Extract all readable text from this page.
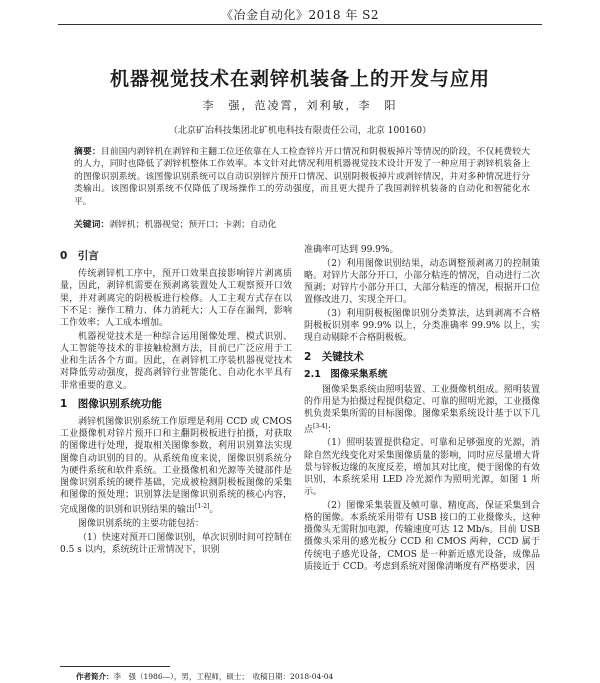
《冶金自动化》2018 年 S2
机器视觉技术在剥锌机装备上的开发与应用
李　强，范凌霄，刘利敏，李　阳
（北京矿冶科技集团北矿机电科技有限责任公司，北京 100160）
摘要：目前国内剥锌机在剥锌和主翻工位还依靠在人工检查锌片开口情况和阴极板掉片等情况的阶段，不仅耗费较大的人力，同时也降低了剥锌机整体工作效率。本文针对此情况利用机器视觉技术设计开发了一种应用于剥锌机装备上的图像识别系统。该图像识别系统可以自动识别锌片预开口情况、识别阴极板掉片或剥锌情况，并对多种情况进行分类输出。该图像识别系统不仅降低了现场操作工的劳动强度，而且更大提升了我国剥锌机装备的自动化和智能化水平。
关键词：剥锌机；机器视觉；预开口；卡剥；自动化
0　引言

传统剥锌机工序中，预开口效果直接影响锌片剥离质量，因此，剥锌机需要在预剥离装置处人工观察预开口效果，并对剥离完的阴极板进行检修。人工主观方式存在以下不足：操作工精力、体力消耗大；人工存在漏判，影响工作效率；人工成本增加。

机器视觉技术是一种综合运用图像处理、模式识别、人工智能等技术的非接触检测方法，目前已广泛应用于工业和生活各个方面。因此，在剥锌机工序装机器视觉技术对降低劳动强度，提高剥锌行业智能化、自动化水平具有非常重要的意义。

1　图像识别系统功能

剥锌机图像识别系统工作原理是利用 CCD 或 CMOS 工业摄像机对锌片预开口和主翻阴极板进行拍摄，对获取的图像进行处理，提取相关图像参数，利用识别算法实现图像自动识别的目的。从系统角度来说，图像识别系统分为硬件系统和软件系统。工业摄像机和光源等关键部件是图像识别系统的硬件基础，完成被检测阴极板图像的采集和图像的预处理；识别算法是图像识别系统的核心内容，完成图像的识别和识别结果的输出[1-2]。

图像识别系统的主要功能包括：

（1）快速对预开口图像识别，单次识别时间可控制在 0.5 s 以内，系统统计正常情况下，识别

准确率可达到 99.9%。

（2）利用图像识别结果，动态调整预剥离刀的控制策略。对锌片大部分开口，小部分粘连的情况，自动进行二次预剥；对锌片小部分开口，大部分粘连的情况，根据开口位置修改进刀、实现全开口。

（3）利用阴极板图像识别分类算法，达到剥离不合格阴极板识别率 99.9% 以上，分类准确率 99.9% 以上，实现自动剔除不合格阴极板。

2　关键技术
2.1　图像采集系统

图像采集系统由照明装置、工业摄像机组成。照明装置的作用是为拍摄过程提供稳定、可靠的照明光源，工业摄像机负责采集所需的目标图像。图像采集系统设计基于以下几点[3-4]：

（1）照明装置提供稳定、可靠和足够强度的光源，消除自然光线变化对采集图像质量的影响，同时应尽量增大背景与锌板边缘的灰度反差，增加其对比度，便于图像的有效识别，本系统采用 LED 冷光源作为照明光源，如图 1 所示。

（2）图像采集装置及帧可靠、精度高，保证采集到合格的图像。本系统采用带有 USB 接口的工业摄像头，这种摄像头无需附加电源，传输速度可达 12 Mb/s。目前 USB 摄像头采用的感光板分 CCD 和 CMOS 两种，CCD 属于传统电子感光设备，CMOS 是一种新近感光设备，成像品质接近于 CCD。考虑到系统对图像清晰度有严格要求，因

作者简介：李　强（1986—），男，工程师，硕士；　收稿日期：2018-04-04
